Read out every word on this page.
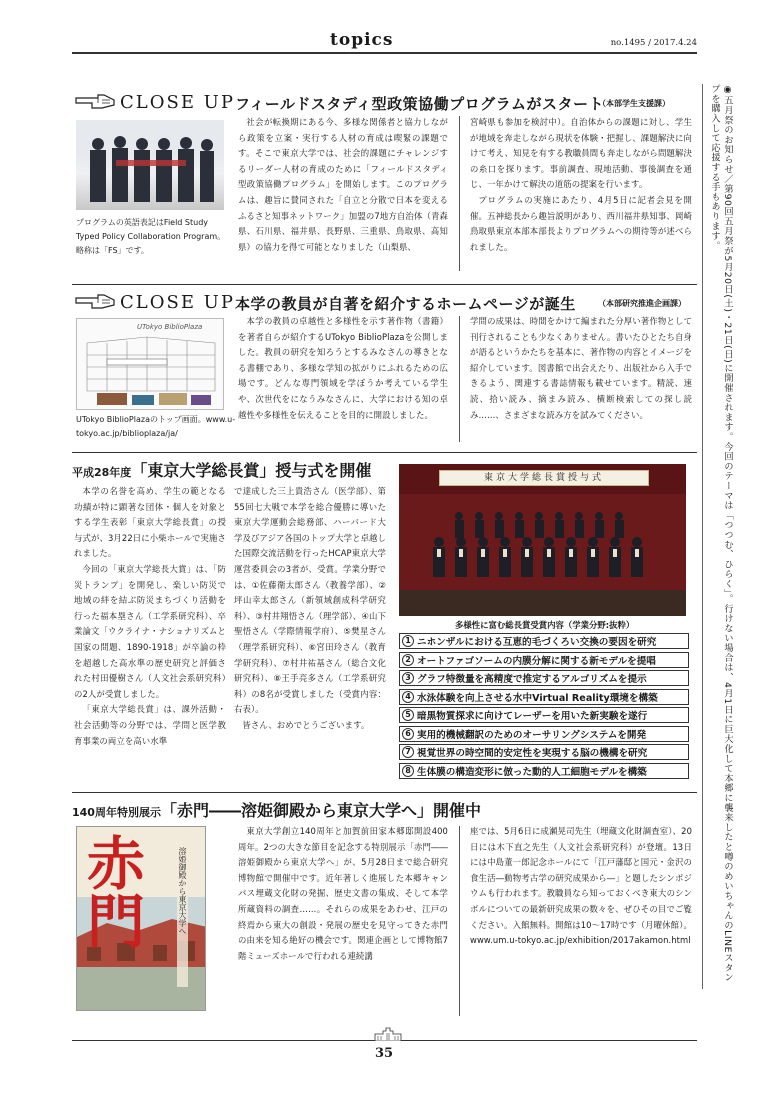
topics	no.1495 / 2017.4.24
◉五月祭のお知らせ／第90回五月祭が5月20日(土)・21日(日)に開催されます。今回のテーマは「つつむ、ひらく」。行けない場合は、4月1日に巨大化して本郷に襲来したと噂のめいちゃんのLINEスタンプを購入して応援する手もあります。
CLOSE UP フィールドスタディ型政策協働プログラムがスタート
（本部学生支援課）
プログラムの英語表記はField Study Typed Policy Collaboration Program。略称は「FS」です。

社会が転換期にある今、多様な関係者と協力しながら政策を立案・実行する人材の育成は喫緊の課題です。そこで東京大学では、社会的課題にチャレンジするリーダー人材の育成のために「フィールドスタディ型政策協働プログラム」を開始します。このプログラムは、趣旨に賛同された「自立と分散で日本を変えるふるさと知事ネットワーク」加盟の7地方自治体（青森県、石川県、福井県、長野県、三重県、鳥取県、高知県）の協力を得て可能となりました（山梨県、

宮崎県も参加を検討中）。自治体からの課題に対し、学生が地域を奔走しながら現状を体験・把握し、課題解決に向けて考え、知見を有する教職員間も奔走しながら問題解決の糸口を探ります。事前調査、現地活動、事後調査を通じ、一年かけて解決の道筋の提案を行います。

プログラムの実施にあたり、4月5日に記者会見を開催。五神総長から趣旨説明があり、西川福井県知事、岡崎鳥取県東京本部本部長よりプログラムへの期待等が述べられました。

CLOSE UP 本学の教員が自著を紹介するホームページが誕生	（本部研究推進企画課）
UTokyo BiblioPlaza
UTokyo BiblioPlazaのトップ画面。www.u-tokyo.ac.jp/biblioplaza/ja/

本学の教員の卓越性と多様性を示す著作物（書籍）を著者自らが紹介するUTokyo BiblioPlazaを公開しました。教員の研究を知ろうとするみなさんの導きとなる書棚であり、多様な学知の拡がりにふれるための広場です。どんな専門領域を学ぼうか考えている学生や、次世代をになうみなさんに、大学における知の卓越性や多様性を伝えることを目的に開設しました。

学問の成果は、時間をかけて編まれた分厚い著作物として刊行されることも少なくありません。書いたひとたち自身が語るというかたちを基本に、著作物の内容とイメージを紹介しています。図書館で出会えたり、出版社から入手できるよう、関連する書誌情報も載せています。精読、速読、拾い読み、摘まみ読み、横断検索しての探し読み……、さまざまな読み方を試みてください。

平成28年度「東京大学総長賞」授与式を開催

本学の名誉を高め、学生の範となる功績が特に顕著な団体・個人を対象とする学生表彰「東京大学総長賞」の授与式が、3月22日に小柴ホールで実施されました。

今回の「東京大学総長大賞」は、「防災トランプ」を開発し、楽しい防災で地域の絆を結ぶ防災まちづくり活動を行った福本塁さん（工学系研究科）、卒業論文「ウクライナ・ナショナリズムと国家の問題、1890-1918」が卒論の枠を超越した高水準の歴史研究と評価された村田優樹さん（人文社会系研究科）の2人が受賞しました。

「東京大学総長賞」は、課外活動・社会活動等の分野では、学問と医学教育事業の両立を高い水準

で達成した三上貴浩さん（医学部）、第55回七大戦で本学を総合優勝に導いた東京大学運動会総務部、ハーバード大学及びアジア各国のトップ大学と卓越した国際交流活動を行ったHCAP東京大学運営委員会の3者が、受賞。学業分野では、①佐藤衛太郎さん（教養学部）、②坪山幸太郎さん（新領域創成科学研究科）、③村井翔悟さん（理学部）、④山下聖悟さん（学際情報学府）、⑤樊星さん（理学系研究科）、⑥宮田玲さん（教育学研究科）、⑦村井祐基さん（総合文化研究科）、⑧王手亮多さん（工学系研究科）の8名が受賞しました（受賞内容：右表）。

皆さん、おめでとうございます。

東京大学総長賞授与式
多様性に富む総長賞受賞内容（学業分野:抜粋）
1 ニホンザルにおける互恵的毛づくろい交換の要因を研究
2 オートファゴソームの内膜分解に関する新モデルを提唱
3 グラフ特徴量を高精度で推定するアルゴリズムを提示
4 水泳体験を向上させる水中Virtual Reality環境を構築
5 暗黒物質探求に向けてレーザーを用いた新実験を遂行
6 実用的機械翻訳のためのオーサリングシステムを開発
7 視覚世界の時空間的安定性を実現する脳の機構を研究
8 生体膜の構造変形に倣った動的人工細胞モデルを構築
140周年特別展示「赤門――溶姫御殿から東京大学へ」開催中
赤門	溶姫御殿から東京大学へ

東京大学創立140周年と加賀前田家本郷邸開設400周年。2つの大きな節目を記念する特別展示「赤門――溶姫御殿から東京大学へ」が、5月28日まで総合研究博物館で開催中です。近年著しく進展した本郷キャンパス埋蔵文化財の発掘、歴史文書の集成、そして本学所蔵資料の調査……。それらの成果をあわせ、江戸の終焉から東大の創設・発展の歴史を見守ってきた赤門の由来を知る絶好の機会です。関連企画として博物館7階ミューズホールで行われる連続講

座では、5月6日に成瀬晃司先生（埋蔵文化財調査室）、20日には木下直之先生（人文社会系研究科）が登壇。13日には中島董一郎記念ホールにて「江戸藩邸と国元・金沢の食生活―動物考古学の研究成果から―」と題したシンポジウムも行われます。教職員なら知っておくべき東大のシンボルについての最新研究成果の数々を、ぜひその目でご覧ください。入館無料。開館は10〜17時です（月曜休館）。www.um.u-tokyo.ac.jp/exhibition/2017akamon.html

35
